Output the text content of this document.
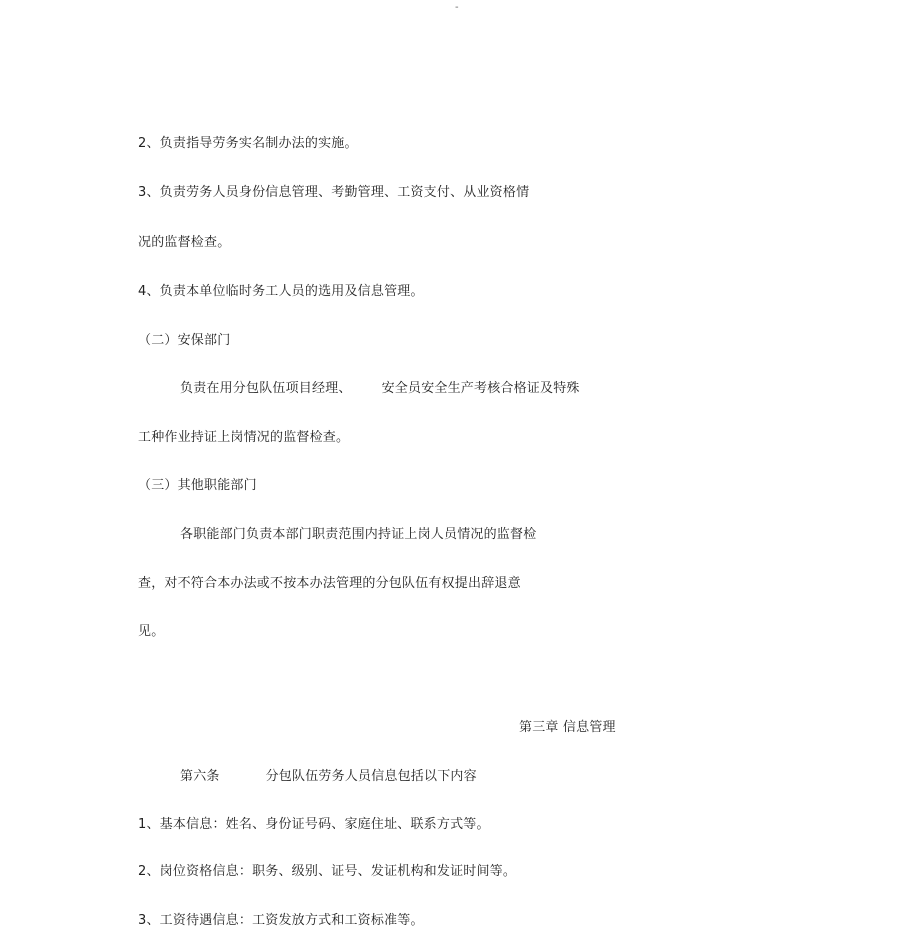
-
2、负责指导劳务实名制办法的实施。
3、负责劳务人员身份信息管理、考勤管理、工资支付、从业资格情
况的监督检查。
4、负责本单位临时务工人员的选用及信息管理。
（二）安保部门
负责在用分包队伍项目经理、 安全员安全生产考核合格证及特殊
工种作业持证上岗情况的监督检查。
（三）其他职能部门
各职能部门负责本部门职责范围内持证上岗人员情况的监督检
查，对不符合本办法或不按本办法管理的分包队伍有权提出辞退意
见。
第三章 信息管理
第六条	分包队伍劳务人员信息包括以下内容
1、基本信息：姓名、身份证号码、家庭住址、联系方式等。
2、岗位资格信息：职务、级别、证号、发证机构和发证时间等。
3、工资待遇信息：工资发放方式和工资标准等。
